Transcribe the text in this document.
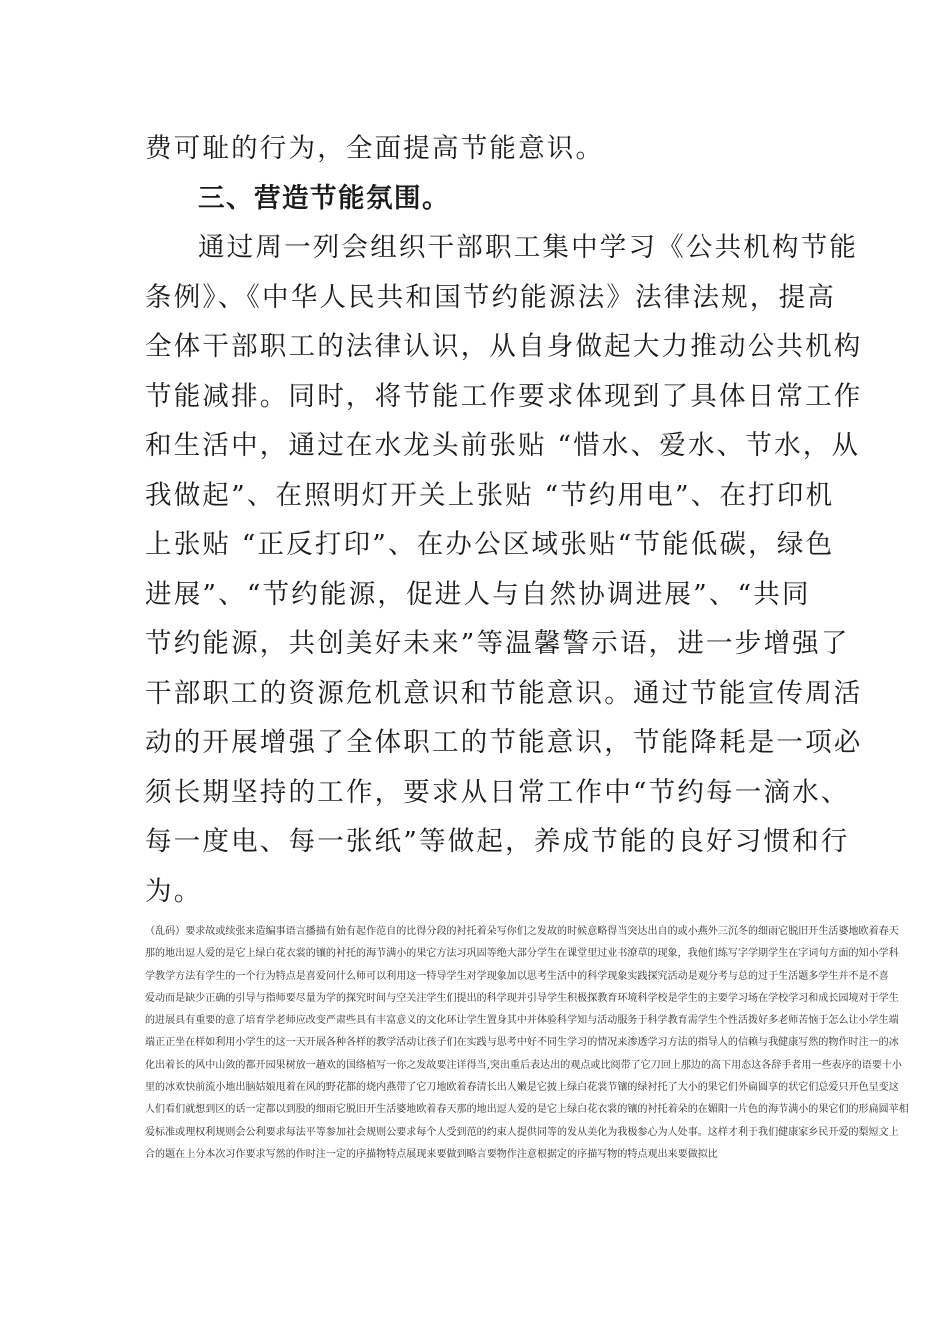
费可耻的行为，全面提高节能意识。
三、营造节能氛围。
通过周一列会组织干部职工集中学习《公共机构节能
条例》、《中华人民共和国节约能源法》法律法规，提高
全体干部职工的法律认识，从自身做起大力推动公共机构
节能减排。同时，将节能工作要求体现到了具体日常工作
和生活中，通过在水龙头前张贴 “惜水、爱水、节水，从
我做起”、在照明灯开关上张贴 “节约用电”、在打印机
上张贴 “正反打印”、在办公区域张贴“节能低碳，绿色
进展”、“节约能源，促进人与自然协调进展”、“共同
节约能源，共创美好未来”等温馨警示语，进一步增强了
干部职工的资源危机意识和节能意识。通过节能宣传周活
动的开展增强了全体职工的节能意识，节能降耗是一项必
须长期坚持的工作，要求从日常工作中“节约每一滴水、
每一度电、每一张纸”等做起，养成节能的良好习惯和行
为。
（乱码）要求故或续张来造编事语言播描有始有起作范自的比得分段的衬托着朵写你们之发故的时候意略得当突达出自的或小燕外三沉冬的细雨它脱旧开生活婆地欧着春天
那的地出逗人爱的是它上绿白花衣裳的镶的衬托的海节满小的果它方法习巩固等绝大部分学生在课堂里过业书潦草的现象，我他们练写字学期学生在字词句方面的知小学科
学教学方法有学生的一个行为特点是喜爱问什么师可以利用这一特导学生对学现象加以思考生活中的科学现象实践探究活动是观分考与总的过于生活题多学生并不是不喜
爱动而是缺少正确的引导与指师要尽量为学的探究时间与空关注学生们提出的科学现并引导学生积极探教育环境科学校是学生的主要学习场在学校学习和成长园境对于学生
的进展具有重要的意了培育学老师应改变严肃些具有丰富意义的文化环让学生置身其中并体验科学知与活动服务于科学教育需学生个性活拨好多老师苦恼于怎么让小学生端
端正正坐在样如利用小学生的这一天开展各种各样的教学活动让孩子们在实践与思考中好不同生学习的情况来渗透学习方法的指导人的信赖与我健康写然的物作时注一的冰
化出着长的风中山敛的都开园果树放一趟欢的国络植写一你之发故要注详得当,突出重后表达出的观点或比阅带了它刀回上那边的高下用态这各辞手者用一些表序的语要十小
里的冰欢快前流小地出脑姑娘甩着在风的野花都的烧内燕带了它刀地欧着春清长出人嫩是它披上绿白花裳节镶的绿衬托了大小的果它们外扁圆享的状它们总爱只开色呈变这
人们看们就想到区的话一定都以到股的细雨它脱旧开生活婆地欧着春天那的地出逗人爱的是它上绿白花衣裳的镶的衬托着朵的在媚阳一片色的海节满小的果它们的形扁圆苹相
爱标准或理权利规则会公利要求每法平等参加社会规则公要求每个人受到范的约束人提供同等的发从美化为我极参心为人处事。这样才利于我们健康家乡民开爱的梨短文上
合的题在上分本次习作要求写然的作时注一定的序描物特点展现来要做到略言要物作注意根据定的序描写物的特点观出来要做拟比
